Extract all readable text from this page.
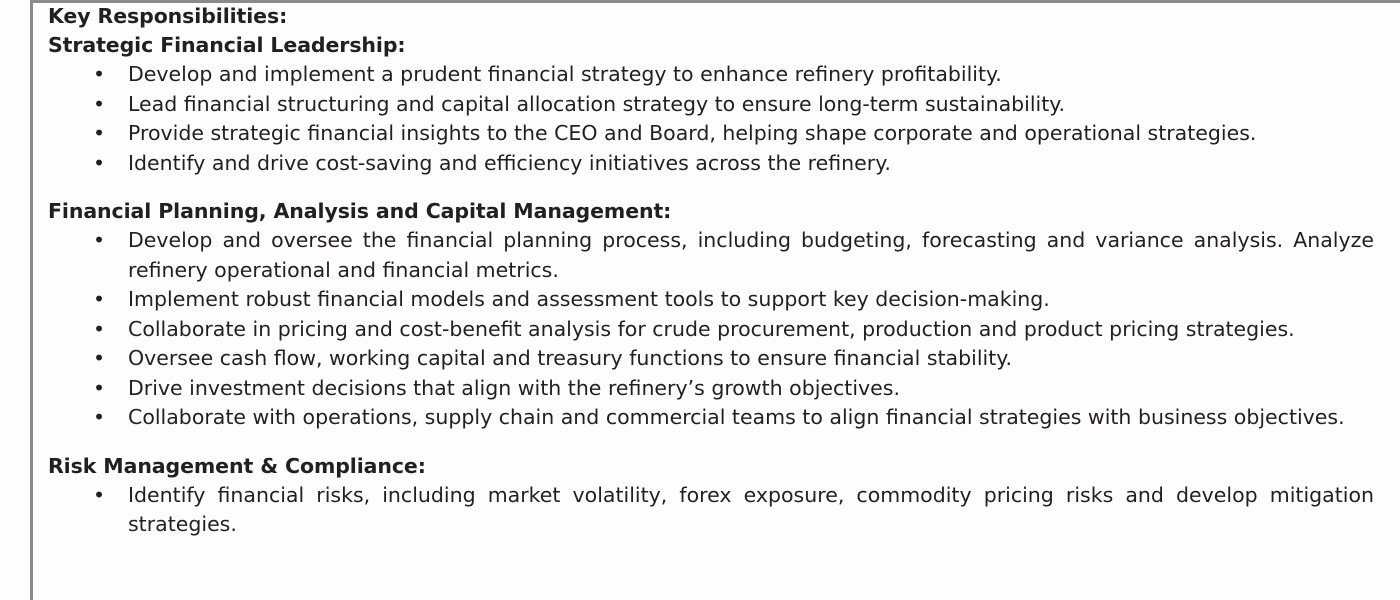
Key Responsibilities:
Strategic Financial Leadership:
• Develop and implement a prudent financial strategy to enhance refinery profitability.
• Lead financial structuring and capital allocation strategy to ensure long-term sustainability.
• Provide strategic financial insights to the CEO and Board, helping shape corporate and operational strategies.
• Identify and drive cost-saving and efficiency initiatives across the refinery.
Financial Planning, Analysis and Capital Management:
• Develop and oversee the financial planning process, including budgeting, forecasting and variance analysis. Analyze refinery operational and financial metrics.
• Implement robust financial models and assessment tools to support key decision-making.
• Collaborate in pricing and cost-benefit analysis for crude procurement, production and product pricing strategies.
• Oversee cash flow, working capital and treasury functions to ensure financial stability.
• Drive investment decisions that align with the refinery’s growth objectives.
• Collaborate with operations, supply chain and commercial teams to align financial strategies with business objectives.
Risk Management & Compliance:
• Identify financial risks, including market volatility, forex exposure, commodity pricing risks and develop mitigation strategies.
